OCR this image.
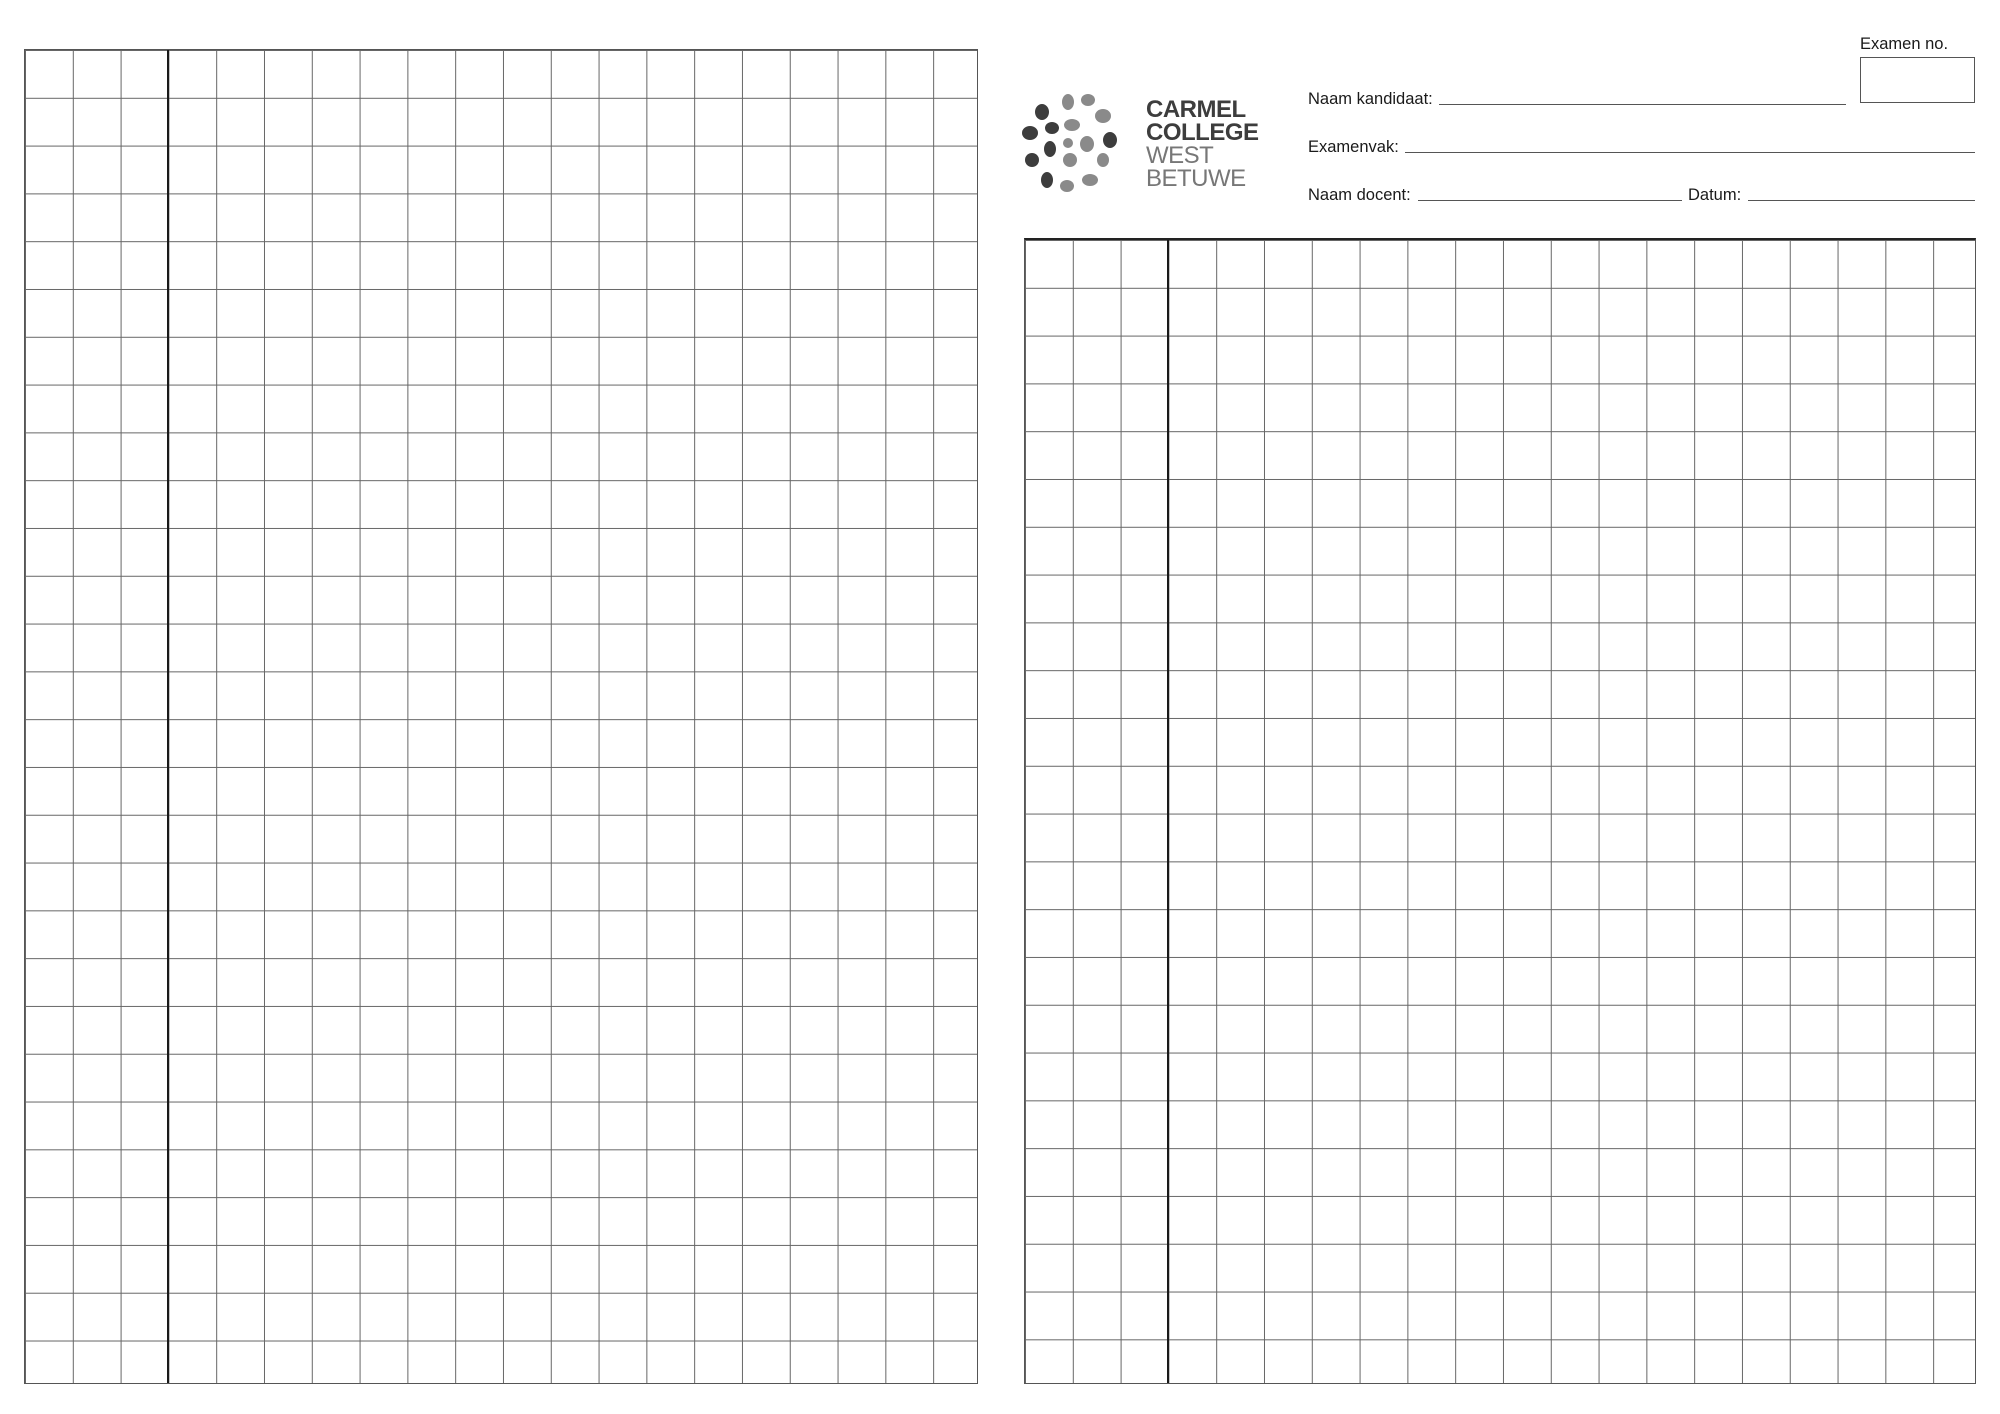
CARMEL
COLLEGE
WEST
BETUWE
Examen no.
Naam kandidaat:
Examenvak:
Naam docent:	Datum:
